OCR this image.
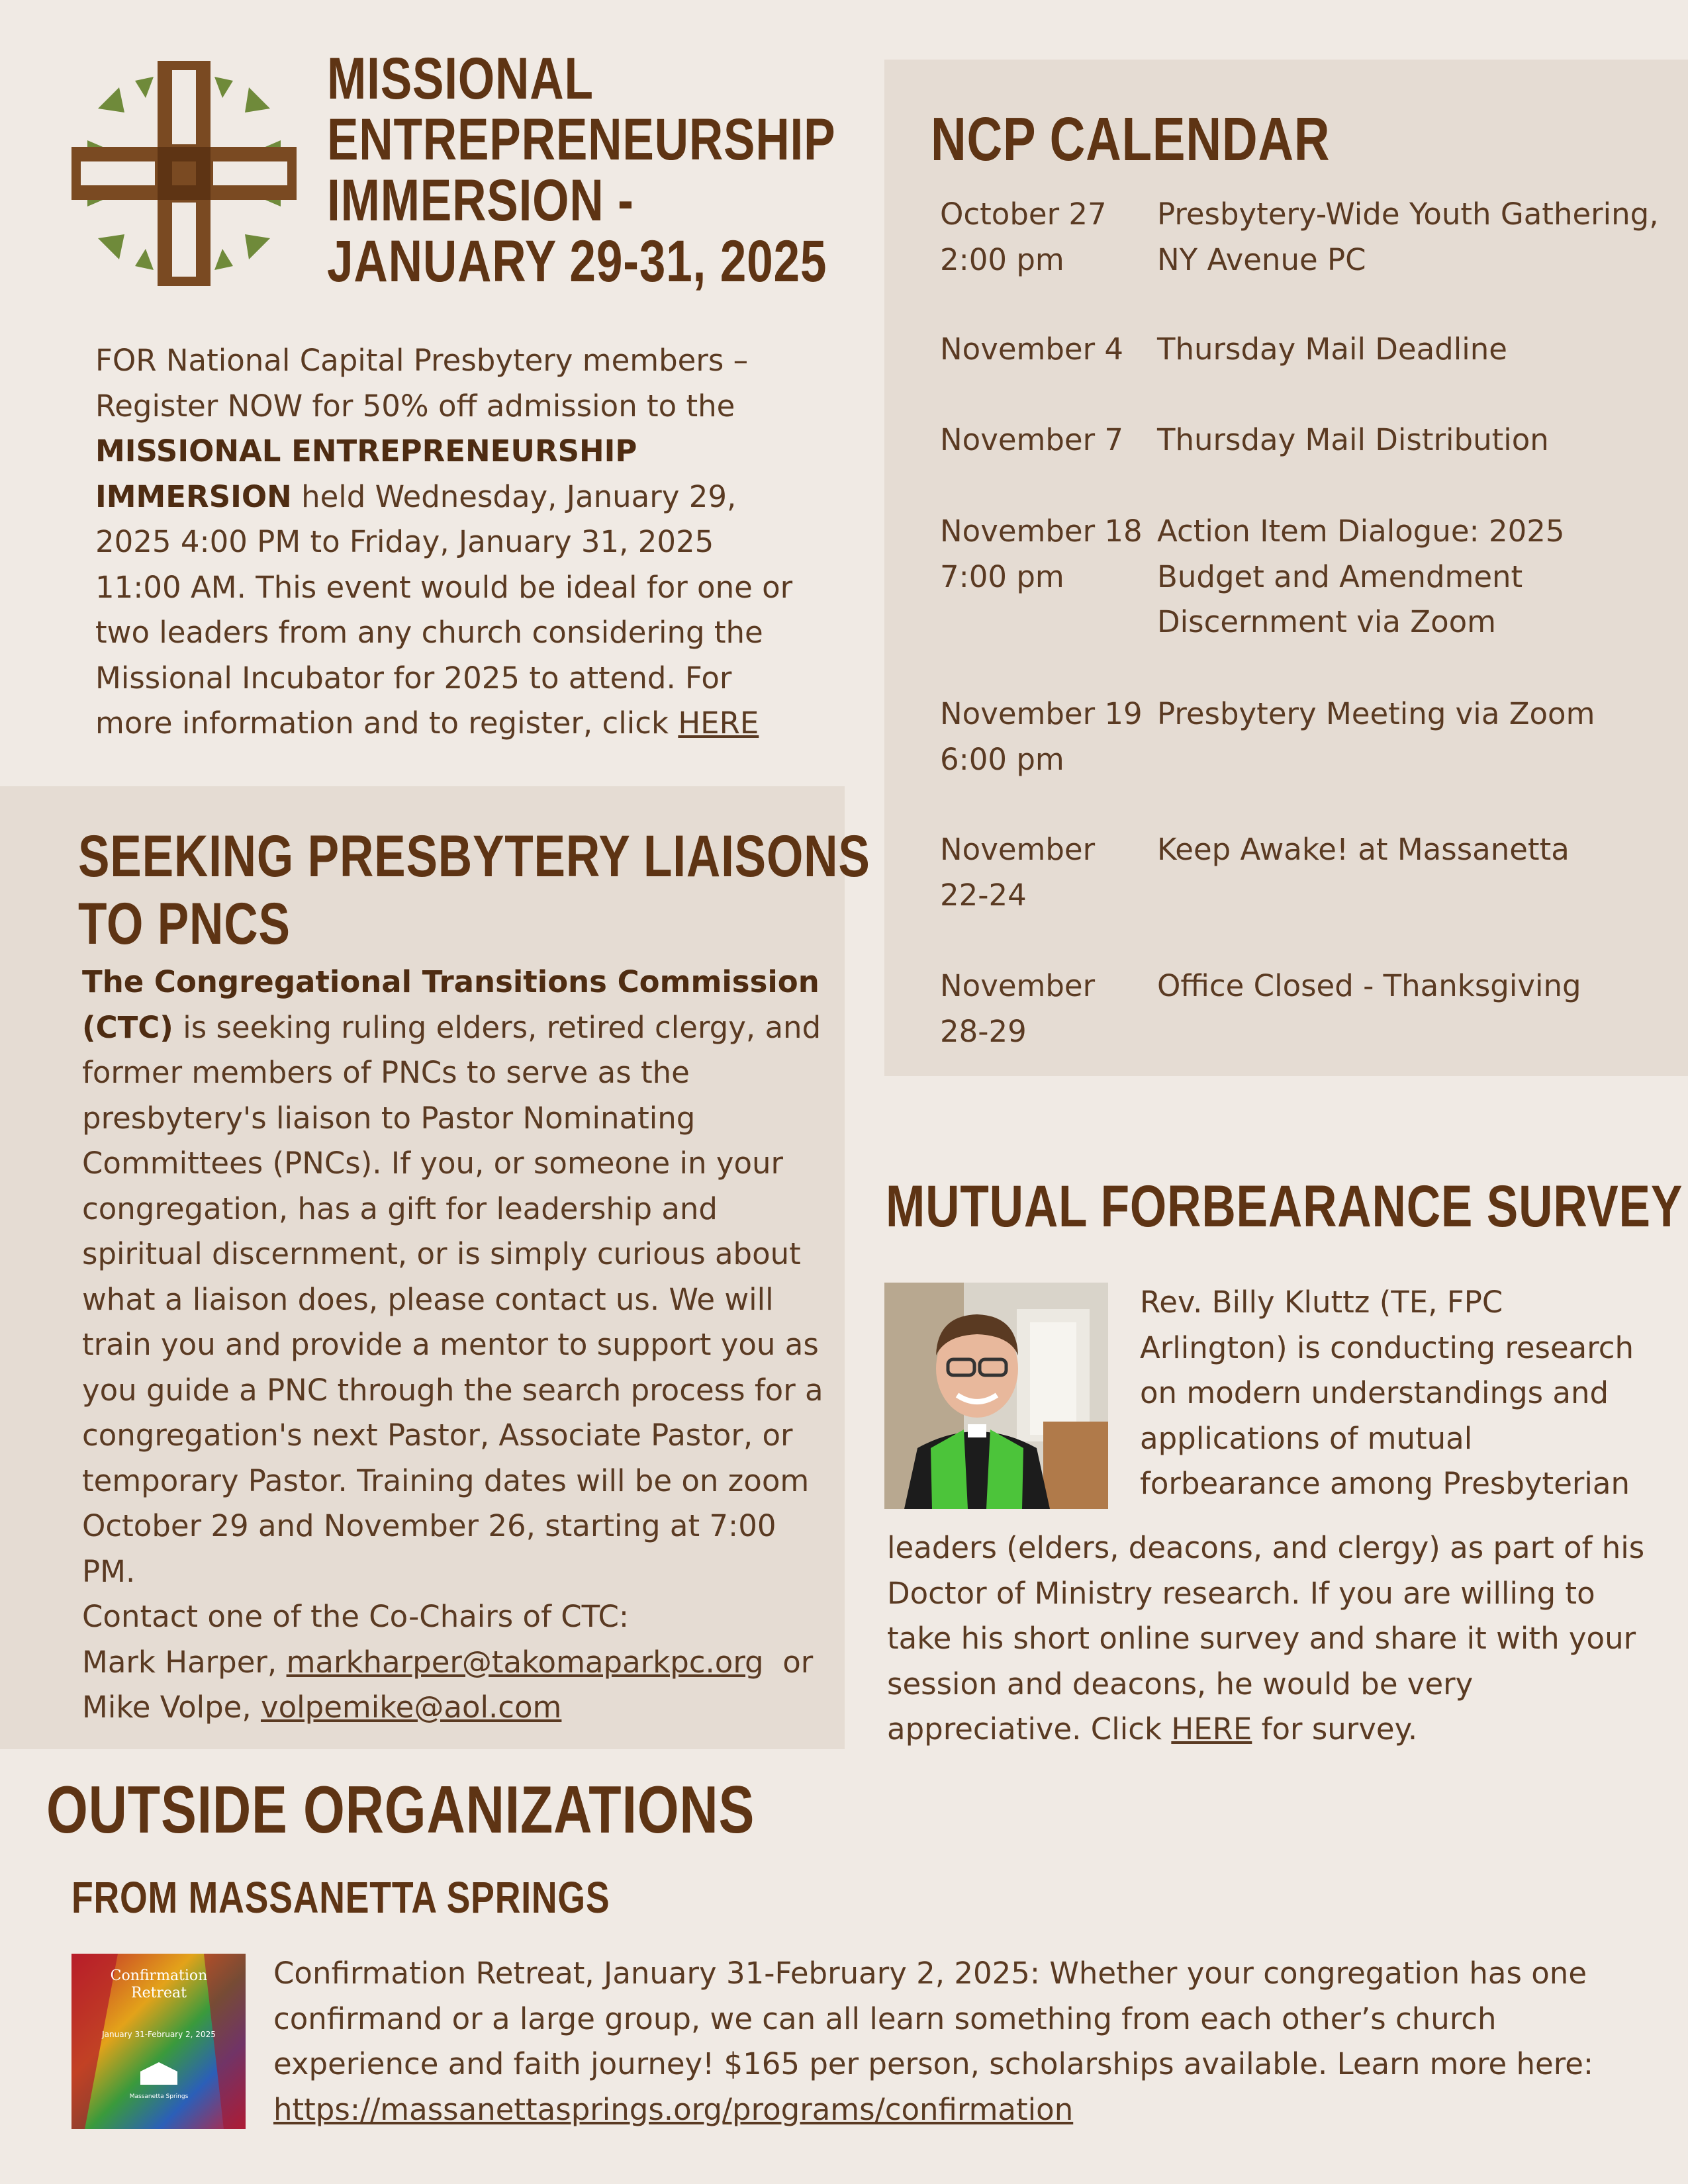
MISSIONAL
ENTREPRENEURSHIP
IMMERSION -
JANUARY 29-31, 2025
FOR National Capital Presbytery members – Register NOW for 50% off admission to the MISSIONAL ENTREPRENEURSHIP IMMERSION held Wednesday, January 29, 2025 4:00 PM to Friday, January 31, 2025 11:00 AM. This event would be ideal for one or two leaders from any church considering the Missional Incubator for 2025 to attend. For more information and to register, click HERE
NCP CALENDAR
October 27
2:00 pm
Presbytery-Wide Youth Gathering, NY Avenue PC
November 4	Thursday Mail Deadline
November 7	Thursday Mail Distribution
November 18
7:00 pm
Action Item Dialogue: 2025 Budget and Amendment Discernment via Zoom
November 19
6:00 pm
Presbytery Meeting via Zoom
November
22-24
Keep Awake! at Massanetta
November
28-29
Office Closed - Thanksgiving
SEEKING PRESBYTERY LIAISONS
TO PNCS
The Congregational Transitions Commission (CTC) is seeking ruling elders, retired clergy, and former members of PNCs to serve as the presbytery's liaison to Pastor Nominating Committees (PNCs). If you, or someone in your congregation, has a gift for leadership and spiritual discernment, or is simply curious about what a liaison does, please contact us. We will train you and provide a mentor to support you as you guide a PNC through the search process for a congregation's next Pastor, Associate Pastor, or temporary Pastor. Training dates will be on zoom October 29 and November 26, starting at 7:00 PM.
Contact one of the Co-Chairs of CTC:
Mark Harper, markharper@takomaparkpc.org or
Mike Volpe, volpemike@aol.com
MUTUAL FORBEARANCE SURVEY
Rev. Billy Kluttz (TE, FPC Arlington) is conducting research on modern understandings and applications of mutual forbearance among Presbyterian
leaders (elders, deacons, and clergy) as part of his Doctor of Ministry research. If you are willing to take his short online survey and share it with your session and deacons, he would be very appreciative. Click HERE for survey.
OUTSIDE ORGANIZATIONS
FROM MASSANETTA SPRINGS
Confirmation
Retreat
January 31-February 2, 2025
Massanetta Springs
Confirmation Retreat, January 31-February 2, 2025: Whether your congregation has one confirmand or a large group, we can all learn something from each other’s church experience and faith journey! $165 per person, scholarships available. Learn more here:
https://massanettasprings.org/programs/confirmation
